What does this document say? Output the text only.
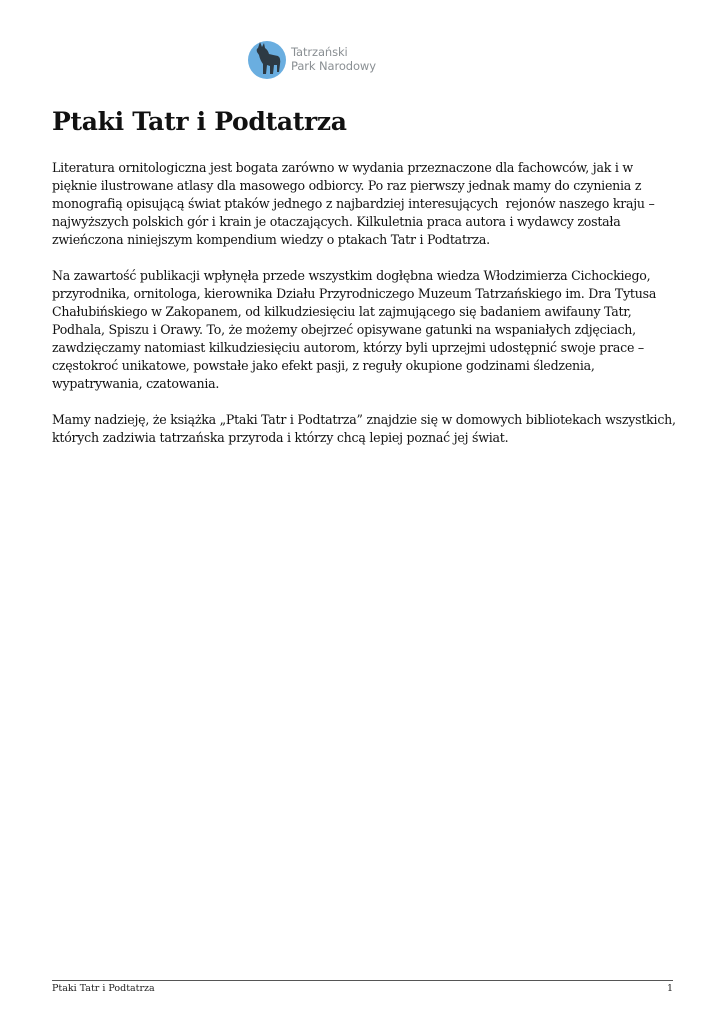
Tatrzański
Park Narodowy
Ptaki Tatr i Podtatrza

Literatura ornitologiczna jest bogata zarówno w wydania przeznaczone dla fachowców, jak i w
pięknie ilustrowane atlasy dla masowego odbiorcy. Po raz pierwszy jednak mamy do czynienia z
monografią opisującą świat ptaków jednego z najbardziej interesujących  rejonów naszego kraju –
najwyższych polskich gór i krain je otaczających. Kilkuletnia praca autora i wydawcy została
zwieńczona niniejszym kompendium wiedzy o ptakach Tatr i Podtatrza.

Na zawartość publikacji wpłynęła przede wszystkim dogłębna wiedza Włodzimierza Cichockiego,
przyrodnika, ornitologa, kierownika Działu Przyrodniczego Muzeum Tatrzańskiego im. Dra Tytusa
Chałubińskiego w Zakopanem, od kilkudziesięciu lat zajmującego się badaniem awifauny Tatr,
Podhala, Spiszu i Orawy. To, że możemy obejrzeć opisywane gatunki na wspaniałych zdjęciach,
zawdzięczamy natomiast kilkudziesięciu autorom, którzy byli uprzejmi udostępnić swoje prace –
częstokroć unikatowe, powstałe jako efekt pasji, z reguły okupione godzinami śledzenia,
wypatrywania, czatowania.

Mamy nadzieję, że książka „Ptaki Tatr i Podtatrza” znajdzie się w domowych bibliotekach wszystkich,
których zadziwia tatrzańska przyroda i którzy chcą lepiej poznać jej świat.

Ptaki Tatr i Podtatrza	1
